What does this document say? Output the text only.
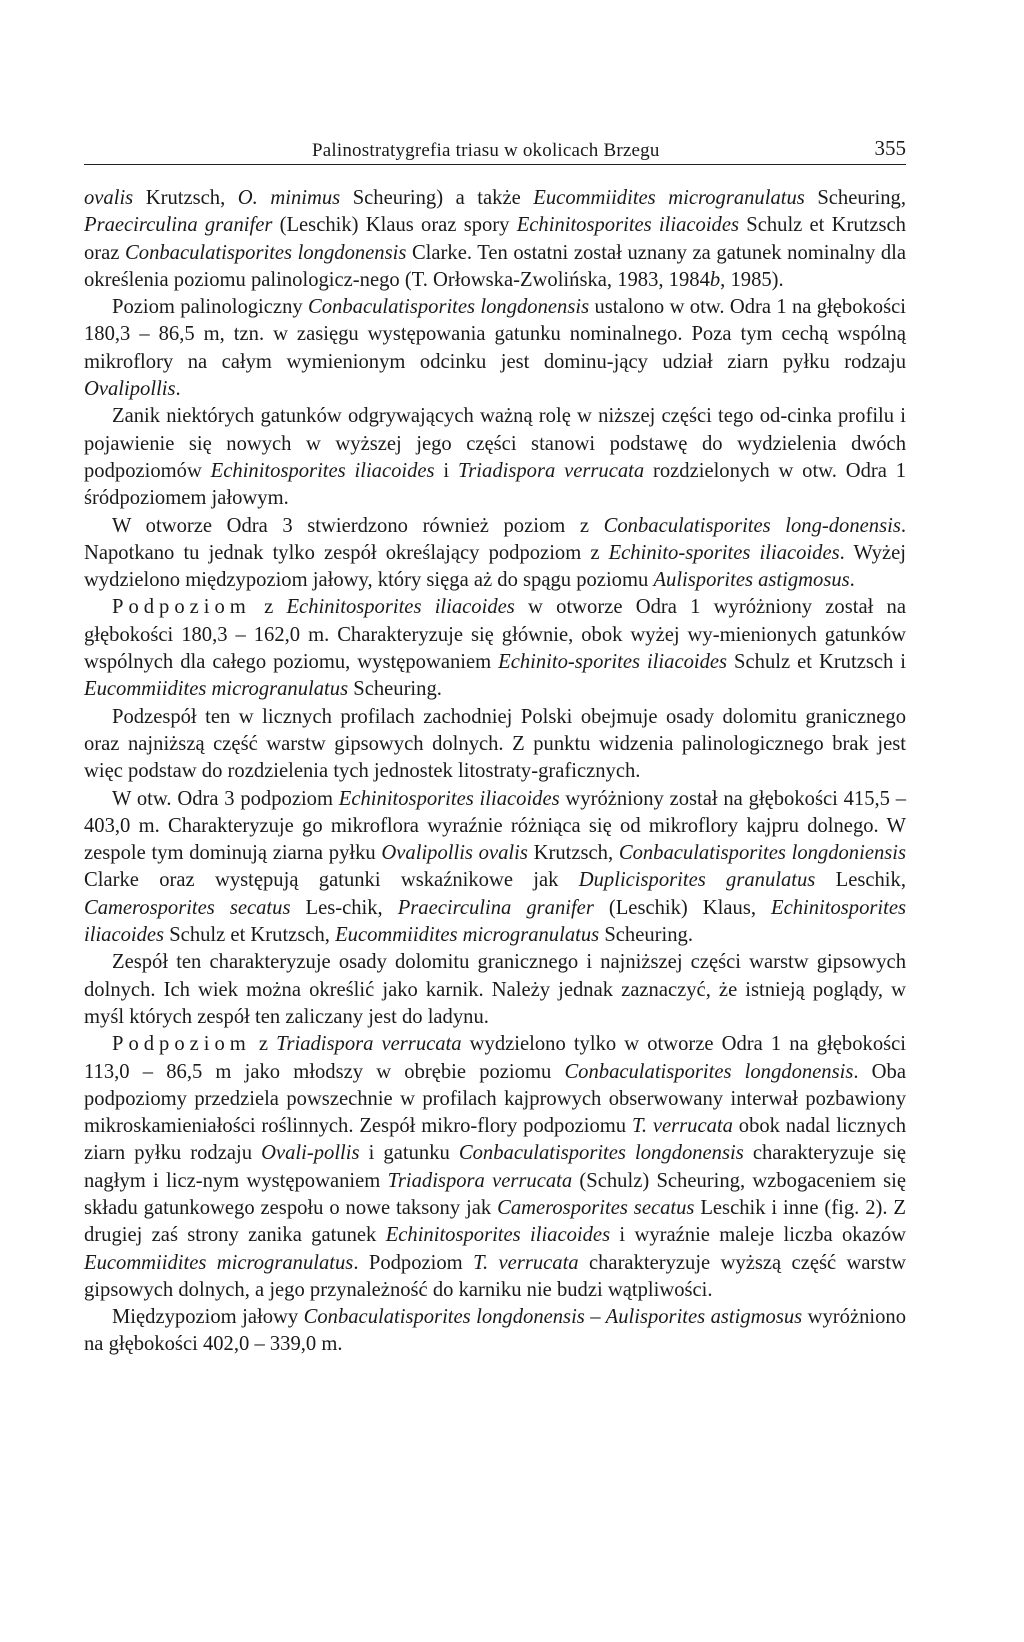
Palinostratygrefia triasu w okolicach Brzegu	355

ovalis Krutzsch, O. minimus Scheuring) a także Eucommiidites microgranulatus Scheuring, Praecirculina granifer (Leschik) Klaus oraz spory Echinitosporites iliacoides Schulz et Krutzsch oraz Conbaculatisporites longdonensis Clarke. Ten ostatni został uznany za gatunek nominalny dla określenia poziomu palinologicz-nego (T. Orłowska-Zwolińska, 1983, 1984b, 1985).

Poziom palinologiczny Conbaculatisporites longdonensis ustalono w otw. Odra 1 na głębokości 180,3 – 86,5 m, tzn. w zasięgu występowania gatunku nominalnego. Poza tym cechą wspólną mikroflory na całym wymienionym odcinku jest dominu-jący udział ziarn pyłku rodzaju Ovalipollis.

Zanik niektórych gatunków odgrywających ważną rolę w niższej części tego od-cinka profilu i pojawienie się nowych w wyższej jego części stanowi podstawę do wydzielenia dwóch podpoziomów Echinitosporites iliacoides i Triadispora verrucata rozdzielonych w otw. Odra 1 śródpoziomem jałowym.

W otworze Odra 3 stwierdzono również poziom z Conbaculatisporites long-donensis. Napotkano tu jednak tylko zespół określający podpoziom z Echinito-sporites iliacoides. Wyżej wydzielono międzypoziom jałowy, który sięga aż do spągu poziomu Aulisporites astigmosus.

Podpoziom z Echinitosporites iliacoides w otworze Odra 1 wyróżniony został na głębokości 180,3 – 162,0 m. Charakteryzuje się głównie, obok wyżej wy-mienionych gatunków wspólnych dla całego poziomu, występowaniem Echinito-sporites iliacoides Schulz et Krutzsch i Eucommiidites microgranulatus Scheuring.

Podzespół ten w licznych profilach zachodniej Polski obejmuje osady dolomitu granicznego oraz najniższą część warstw gipsowych dolnych. Z punktu widzenia palinologicznego brak jest więc podstaw do rozdzielenia tych jednostek litostraty-graficznych.

W otw. Odra 3 podpoziom Echinitosporites iliacoides wyróżniony został na głębokości 415,5 – 403,0 m. Charakteryzuje go mikroflora wyraźnie różniąca się od mikroflory kajpru dolnego. W zespole tym dominują ziarna pyłku Ovalipollis ovalis Krutzsch, Conbaculatisporites longdoniensis Clarke oraz występują gatunki wskaźnikowe jak Duplicisporites granulatus Leschik, Camerosporites secatus Les-chik, Praecirculina granifer (Leschik) Klaus, Echinitosporites iliacoides Schulz et Krutzsch, Eucommiidites microgranulatus Scheuring.

Zespół ten charakteryzuje osady dolomitu granicznego i najniższej części warstw gipsowych dolnych. Ich wiek można określić jako karnik. Należy jednak zaznaczyć, że istnieją poglądy, w myśl których zespół ten zaliczany jest do ladynu.

Podpoziom z Triadispora verrucata wydzielono tylko w otworze Odra 1 na głębokości 113,0 – 86,5 m jako młodszy w obrębie poziomu Conbaculatisporites longdonensis. Oba podpoziomy przedziela powszechnie w profilach kajprowych obserwowany interwał pozbawiony mikroskamieniałości roślinnych. Zespół mikro-flory podpoziomu T. verrucata obok nadal licznych ziarn pyłku rodzaju Ovali-pollis i gatunku Conbaculatisporites longdonensis charakteryzuje się nagłym i licz-nym występowaniem Triadispora verrucata (Schulz) Scheuring, wzbogaceniem się składu gatunkowego zespołu o nowe taksony jak Camerosporites secatus Leschik i inne (fig. 2). Z drugiej zaś strony zanika gatunek Echinitosporites iliacoides i wyraźnie maleje liczba okazów Eucommiidites microgranulatus. Podpoziom T. verrucata charakteryzuje wyższą część warstw gipsowych dolnych, a jego przynależność do karniku nie budzi wątpliwości.

Międzypoziom jałowy Conbaculatisporites longdonensis – Aulisporites astigmosus wyróżniono na głębokości 402,0 – 339,0 m.
